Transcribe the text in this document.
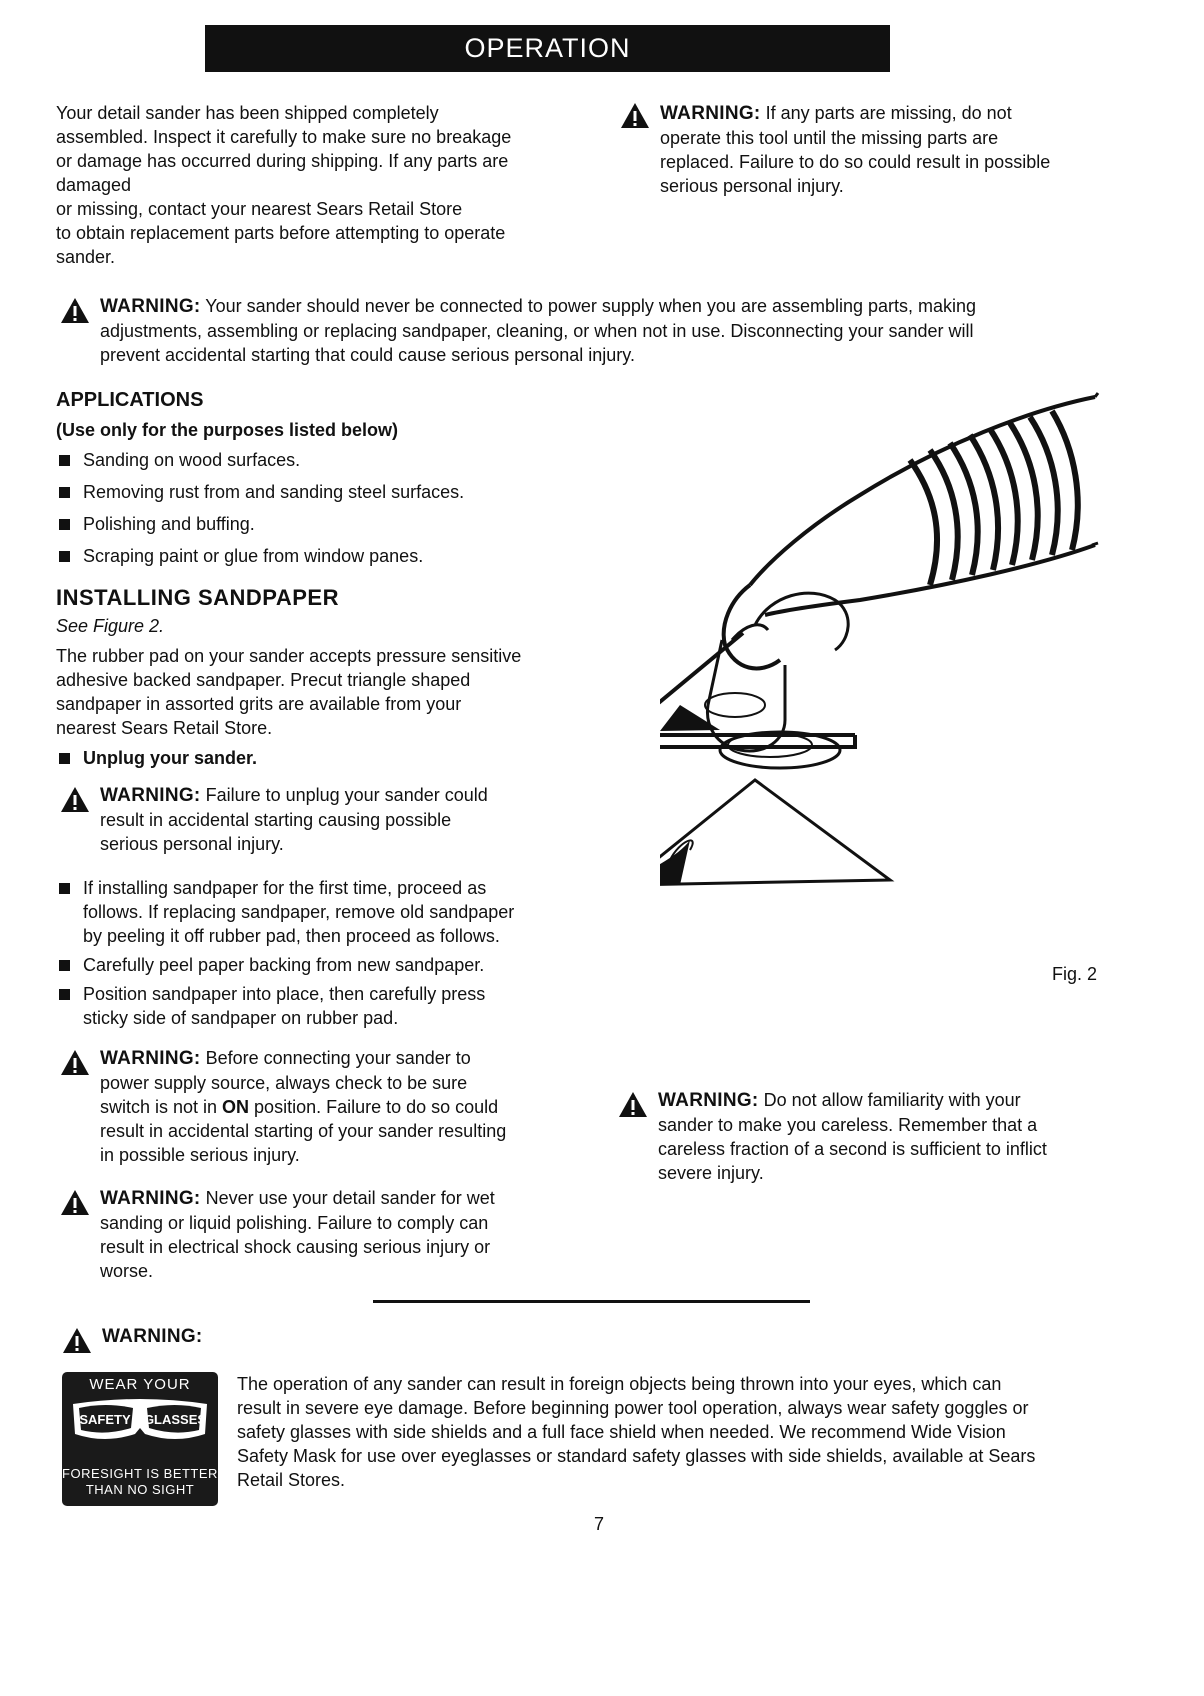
OPERATION

Your detail sander has been shipped completely

assembled. Inspect it carefully to make sure no breakage

or damage has occurred during shipping. If any parts are

damaged

or missing, contact your nearest Sears Retail Store

to obtain replacement parts before attempting to operate

sander.

WARNING: If any parts are missing, do not

operate this tool until the missing parts are

replaced. Failure to do so could result in possible

serious personal injury.

WARNING: Your sander should never be connected to power supply when you are assembling parts, making

adjustments, assembling or replacing sandpaper, cleaning, or when not in use. Disconnecting your sander will

prevent accidental starting that could cause serious personal injury.

APPLICATIONS

(Use only for the purposes listed below)

Sanding on wood surfaces.
Removing rust from and sanding steel surfaces.
Polishing and buffing.
Scraping paint or glue from window panes.
INSTALLING SANDPAPER

See Figure 2.

The rubber pad on your sander accepts pressure sensitive

adhesive backed sandpaper. Precut triangle shaped

sandpaper in assorted grits are available from your

nearest Sears Retail Store.

Unplug your sander.

WARNING: Failure to unplug your sander could

result in accidental starting causing possible

serious personal injury.

If installing sandpaper for the first time, proceed as
follows. If replacing sandpaper, remove old sandpaper
by peeling it off rubber pad, then proceed as follows.
Carefully peel paper backing from new sandpaper.
Position sandpaper into place, then carefully press
sticky side of sandpaper on rubber pad.

WARNING: Before connecting your sander to

power supply source, always check to be sure

switch is not in ON position. Failure to do so could

result in accidental starting of your sander resulting

in possible serious injury.

WARNING: Never use your detail sander for wet

sanding or liquid polishing. Failure to comply can

result in electrical shock causing serious injury or

worse.

Fig. 2

WARNING: Do not allow familiarity with your

sander to make you careless. Remember that a

careless fraction of a second is sufficient to inflict

severe injury.

WARNING:

WEAR YOUR
SAFETY GLASSES
FORESIGHT IS BETTER
THAN NO SIGHT

The operation of any sander can result in foreign objects being thrown into your eyes, which can

result in severe eye damage. Before beginning power tool operation, always wear safety goggles or

safety glasses with side shields and a full face shield when needed. We recommend Wide Vision

Safety Mask for use over eyeglasses or standard safety glasses with side shields, available at Sears

Retail Stores.

7
